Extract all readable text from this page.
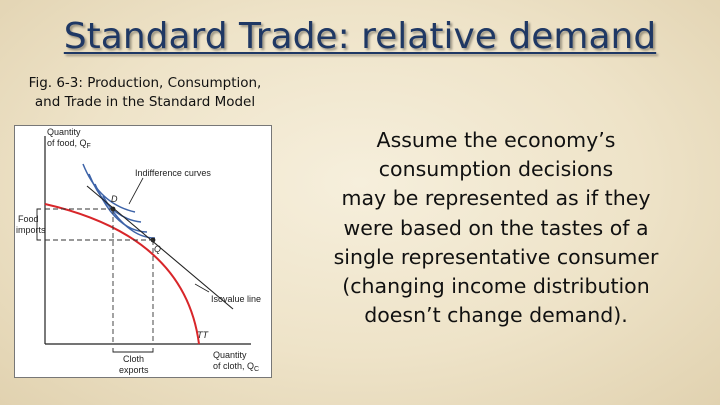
Standard Trade: relative demand
Fig. 6-3: Production, Consumption,
and Trade in the Standard Model
Quantity
of food, $Q_F$
Indifference curves
Isovalue line
TT
D
Q
Food
imports
Cloth
exports
Quantity
of cloth, $Q_C$
Assume the economy’s
consumption decisions
may be represented as if they
were based on the tastes of a
single representative consumer
(changing income distribution
doesn’t change demand).
